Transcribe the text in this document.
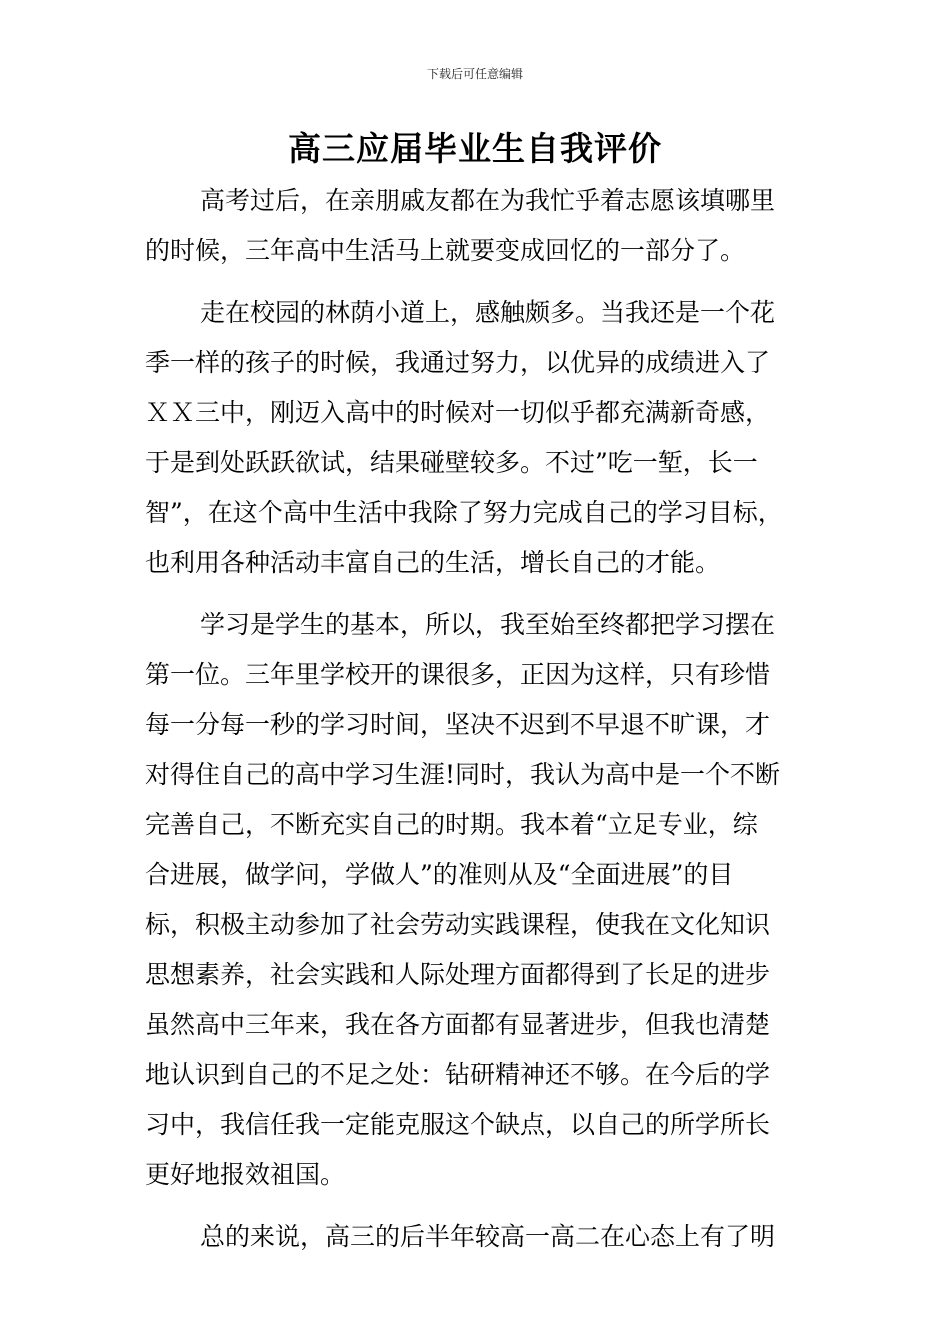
下载后可任意编辑
高三应届毕业生自我评价
高考过后，在亲朋戚友都在为我忙乎着志愿该填哪里
的时候，三年高中生活马上就要变成回忆的一部分了。
走在校园的林荫小道上，感触颇多。当我还是一个花
季一样的孩子的时候，我通过努力，以优异的成绩进入了
ＸＸ三中，刚迈入高中的时候对一切似乎都充满新奇感，
于是到处跃跃欲试，结果碰壁较多。不过”吃一堑，长一
智”，在这个高中生活中我除了努力完成自己的学习目标，
也利用各种活动丰富自己的生活，增长自己的才能。
学习是学生的基本，所以，我至始至终都把学习摆在
第一位。三年里学校开的课很多，正因为这样，只有珍惜
每一分每一秒的学习时间，坚决不迟到不早退不旷课，才
对得住自己的高中学习生涯!同时，我认为高中是一个不断
完善自己，不断充实自己的时期。我本着“立足专业，综
合进展，做学问，学做人”的准则从及“全面进展”的目
标，积极主动参加了社会劳动实践课程，使我在文化知识
思想素养，社会实践和人际处理方面都得到了长足的进步
虽然高中三年来，我在各方面都有显著进步，但我也清楚
地认识到自己的不足之处：钻研精神还不够。在今后的学
习中，我信任我一定能克服这个缺点，以自己的所学所长
更好地报效祖国。
总的来说，高三的后半年较高一高二在心态上有了明
